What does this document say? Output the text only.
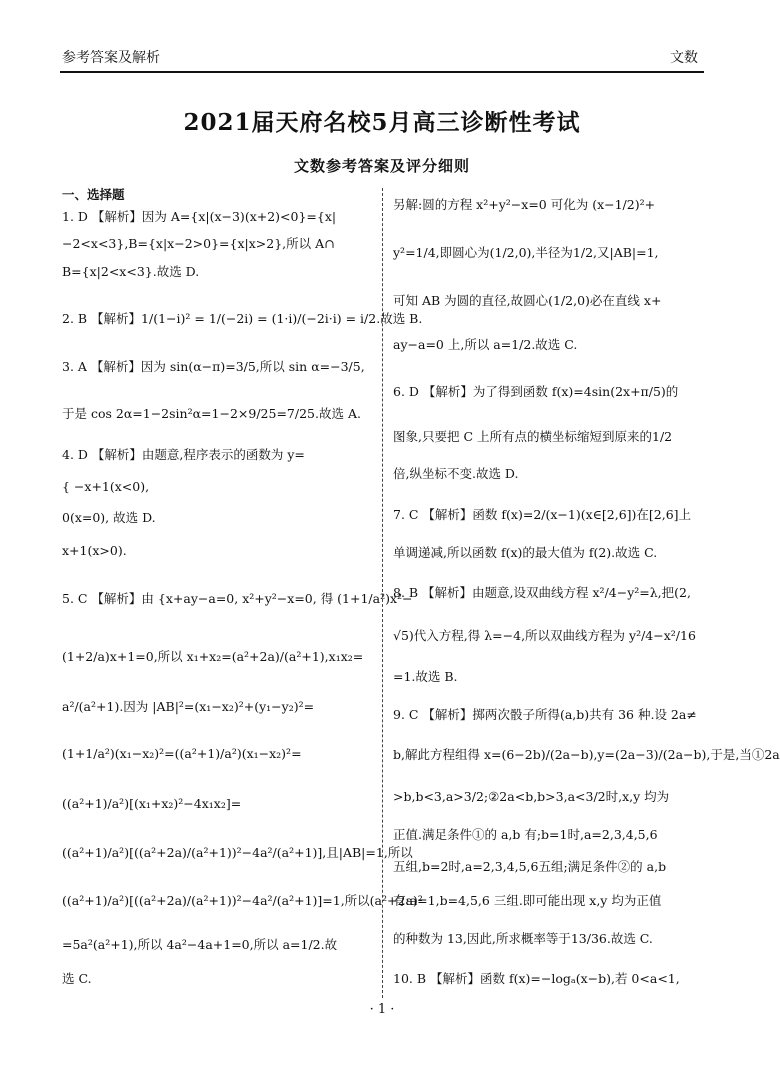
参考答案及解析	文数
2021届天府名校5月高三诊断性考试
文数参考答案及评分细则
一、选择题
1. D 【解析】因为 A={x|(x−3)(x+2)<0}={x|
−2<x<3},B={x|x−2>0}={x|x>2},所以 A∩
B={x|2<x<3}.故选 D.
2. B 【解析】1/(1−i)² = 1/(−2i) = (1·i)/(−2i·i) = i/2.故选 B.
3. A 【解析】因为 sin(α−π)=3/5,所以 sin α=−3/5,
于是 cos 2α=1−2sin²α=1−2×9/25=7/25.故选 A.
4. D 【解析】由题意,程序表示的函数为 y=
{ −x+1(x<0),
0(x=0), 故选 D.
x+1(x>0).
5. C 【解析】由 {x+ay−a=0, x²+y²−x=0, 得 (1+1/a²)x²−
(1+2/a)x+1=0,所以 x₁+x₂=(a²+2a)/(a²+1),x₁x₂=
a²/(a²+1).因为 |AB|²=(x₁−x₂)²+(y₁−y₂)²=
(1+1/a²)(x₁−x₂)²=((a²+1)/a²)(x₁−x₂)²=
((a²+1)/a²)[(x₁+x₂)²−4x₁x₂]=
((a²+1)/a²)[((a²+2a)/(a²+1))²−4a²/(a²+1)],且|AB|=1,所以
((a²+1)/a²)[((a²+2a)/(a²+1))²−4a²/(a²+1)]=1,所以(a²+2a)²
=5a²(a²+1),所以 4a²−4a+1=0,所以 a=1/2.故
选 C.
另解:圆的方程 x²+y²−x=0 可化为 (x−1/2)²+
y²=1/4,即圆心为(1/2,0),半径为1/2,又|AB|=1,
可知 AB 为圆的直径,故圆心(1/2,0)必在直线 x+
ay−a=0 上,所以 a=1/2.故选 C.
6. D 【解析】为了得到函数 f(x)=4sin(2x+π/5)的
图象,只要把 C 上所有点的横坐标缩短到原来的1/2
倍,纵坐标不变.故选 D.
7. C 【解析】函数 f(x)=2/(x−1)(x∈[2,6])在[2,6]上
单调递减,所以函数 f(x)的最大值为 f(2).故选 C.
8. B 【解析】由题意,设双曲线方程 x²/4−y²=λ,把(2,
√5)代入方程,得 λ=−4,所以双曲线方程为 y²/4−x²/16
=1.故选 B.
9. C 【解析】掷两次骰子所得(a,b)共有 36 种.设 2a≠
b,解此方程组得 x=(6−2b)/(2a−b),y=(2a−3)/(2a−b),于是,当①2a
>b,b<3,a>3/2;②2a<b,b>3,a<3/2时,x,y 均为
正值.满足条件①的 a,b 有;b=1时,a=2,3,4,5,6
五组,b=2时,a=2,3,4,5,6五组;满足条件②的 a,b
有:a=1,b=4,5,6 三组.即可能出现 x,y 均为正值
的种数为 13,因此,所求概率等于13/36.故选 C.
10. B 【解析】函数 f(x)=−logₐ(x−b),若 0<a<1,
· 1 ·
